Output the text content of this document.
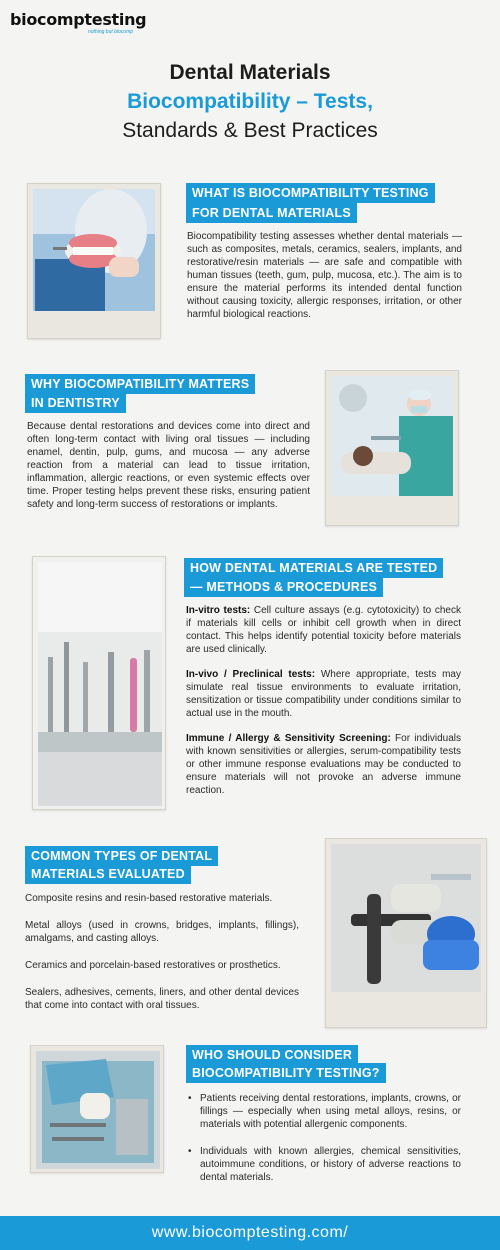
biocomptesting
nothing but biocomp
Dental Materials
Biocompatibility – Tests,
Standards & Best Practices
WHAT IS BIOCOMPATIBILITY TESTING
FOR DENTAL MATERIALS
Biocompatibility testing assesses whether dental materials — such as composites, metals, ceramics, sealers, implants, and restorative/resin materials — are safe and compatible with human tissues (teeth, gum, pulp, mucosa, etc.). The aim is to ensure the material performs its intended dental function without causing toxicity, allergic responses, irritation, or other harmful biological reactions.
WHY BIOCOMPATIBILITY MATTERS
IN DENTISTRY
Because dental restorations and devices come into direct and often long-term contact with living oral tissues — including enamel, dentin, pulp, gums, and mucosa — any adverse reaction from a material can lead to tissue irritation, inflammation, allergic reactions, or even systemic effects over time. Proper testing helps prevent these risks, ensuring patient safety and long-term success of restorations or implants.
HOW DENTAL MATERIALS ARE TESTED
— METHODS & PROCEDURES
In-vitro tests: Cell culture assays (e.g. cytotoxicity) to check if materials kill cells or inhibit cell growth when in direct contact. This helps identify potential toxicity before materials are used clinically.
In-vivo / Preclinical tests: Where appropriate, tests may simulate real tissue environments to evaluate irritation, sensitization or tissue compatibility under conditions similar to actual use in the mouth.
Immune / Allergy & Sensitivity Screening: For individuals with known sensitivities or allergies, serum-compatibility tests or other immune response evaluations may be conducted to ensure materials will not provoke an adverse immune reaction.
COMMON TYPES OF DENTAL
MATERIALS EVALUATED
Composite resins and resin-based restorative materials.
Metal alloys (used in crowns, bridges, implants, fillings), amalgams, and casting alloys.
Ceramics and porcelain-based restoratives or prosthetics.
Sealers, adhesives, cements, liners, and other dental devices that come into contact with oral tissues.
WHO SHOULD CONSIDER
BIOCOMPATIBILITY TESTING?
• Patients receiving dental restorations, implants, crowns, or fillings — especially when using metal alloys, resins, or materials with potential allergenic components.
• Individuals with known allergies, chemical sensitivities, autoimmune conditions, or history of adverse reactions to dental materials.
www.biocomptesting.com/
